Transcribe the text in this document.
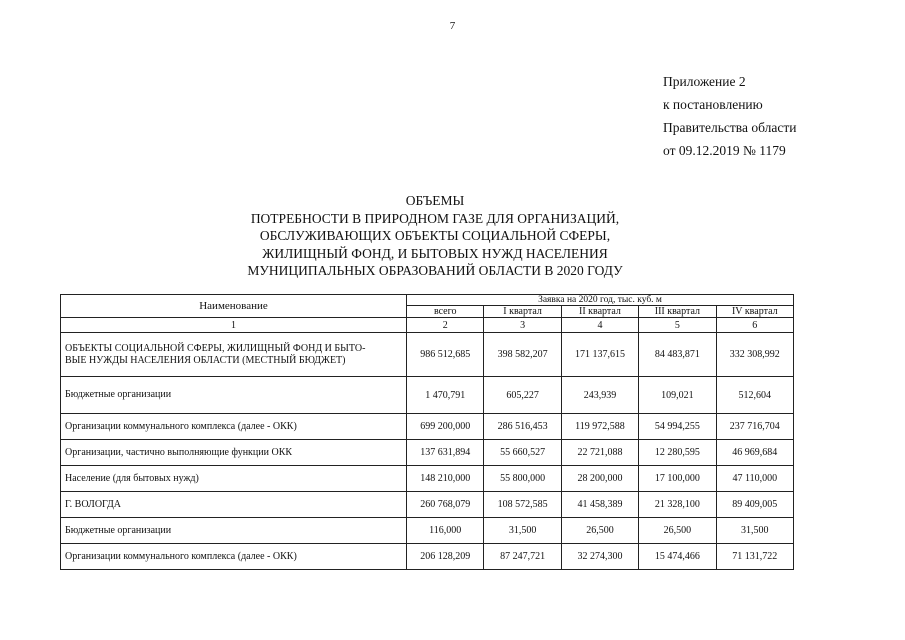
7
Приложение 2
к постановлению
Правительства области
от 09.12.2019 № 1179
ОБЪЕМЫ
ПОТРЕБНОСТИ В ПРИРОДНОМ ГАЗЕ ДЛЯ ОРГАНИЗАЦИЙ,
ОБСЛУЖИВАЮЩИХ ОБЪЕКТЫ СОЦИАЛЬНОЙ СФЕРЫ,
ЖИЛИЩНЫЙ ФОНД, И БЫТОВЫХ НУЖД НАСЕЛЕНИЯ
МУНИЦИПАЛЬНЫХ ОБРАЗОВАНИЙ ОБЛАСТИ В 2020 ГОДУ
Наименование	Заявка на 2020 год, тыс. куб. м				
	всего	I квартал	II квартал	III квартал	IV квартал
1	2	3	4	5	6

ОБЪЕКТЫ СОЦИАЛЬНОЙ СФЕРЫ, ЖИЛИЩНЫЙ ФОНД И БЫТО-
ВЫЕ НУЖДЫ НАСЕЛЕНИЯ ОБЛАСТИ (МЕСТНЫЙ БЮДЖЕТ)	986 512,685	398 582,207	171 137,615	84 483,871	332 308,992
Бюджетные организации	1 470,791	605,227	243,939	109,021	512,604
Организации коммунального комплекса (далее - ОКК)	699 200,000	286 516,453	119 972,588	54 994,255	237 716,704
Организации, частично выполняющие функции ОКК	137 631,894	55 660,527	22 721,088	12 280,595	46 969,684
Население (для бытовых нужд)	148 210,000	55 800,000	28 200,000	17 100,000	47 110,000
Г. ВОЛОГДА	260 768,079	108 572,585	41 458,389	21 328,100	89 409,005
Бюджетные организации	116,000	31,500	26,500	26,500	31,500
Организации коммунального комплекса (далее - ОКК)	206 128,209	87 247,721	32 274,300	15 474,466	71 131,722
